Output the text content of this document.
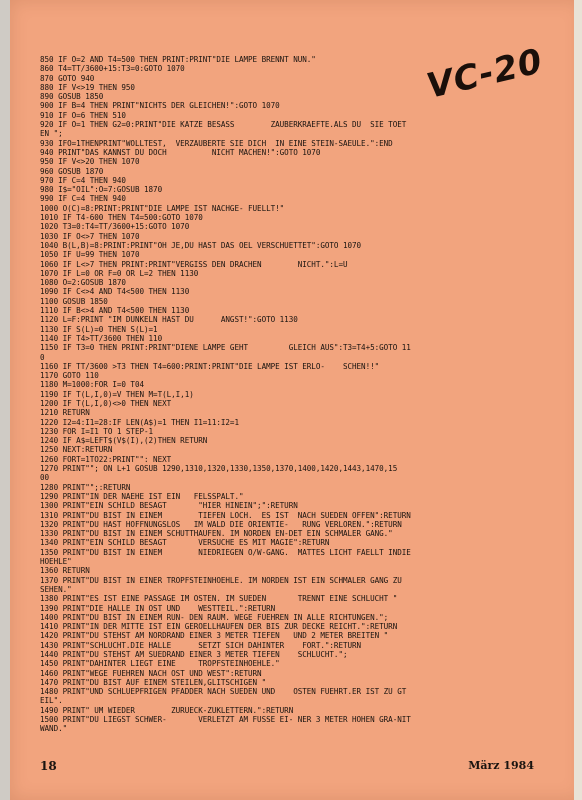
VC-20
850 IF O=2 AND T4=500 THEN PRINT:PRINT"DIE LAMPE BRENNT NUN."
860 T4=TT/3600+15:T3=0:GOTO 1070
870 GOTO 940
880 IF V<>19 THEN 950
890 GOSUB 1850
900 IF B=4 THEN PRINT"NICHTS DER GLEICHEN!":GOTO 1070
910 IF O=6 THEN 510
920 IF O=1 THEN G2=0:PRINT"DIE KATZE BESASS        ZAUBERKRAEFTE.ALS DU  SIE TOET
EN ";
930 IFO=1THENPRINT"WOLLTEST,  VERZAUBERTE SIE DICH  IN EINE STEIN-SAEULE.":END
940 PRINT"DAS KANNST DU DOCH          NICHT MACHEN!":GOTO 1070
950 IF V<>20 THEN 1070
960 GOSUB 1870
970 IF C=4 THEN 940
980 I$="OIL":O=7:GOSUB 1870
990 IF C=4 THEN 940
1000 O(C)=8:PRINT:PRINT"DIE LAMPE IST NACHGE- FUELLT!"
1010 IF T4-600 THEN T4=500:GOTO 1070
1020 T3=0:T4=TT/3600+15:GOTO 1070
1030 IF O<>7 THEN 1070
1040 B(L,B)=8:PRINT:PRINT"OH JE,DU HAST DAS OEL VERSCHUETTET":GOTO 1070
1050 IF U=99 THEN 1070
1060 IF L<>7 THEN PRINT:PRINT"VERGISS DEN DRACHEN        NICHT.":L=U
1070 IF L=0 OR F=0 OR L=2 THEN 1130
1080 O=2:GOSUB 1870
1090 IF C<>4 AND T4<500 THEN 1130
1100 GOSUB 1850
1110 IF B<>4 AND T4<500 THEN 1130
1120 L=F:PRINT "IM DUNKELN HAST DU      ANGST!":GOTO 1130
1130 IF S(L)=0 THEN S(L)=1
1140 IF T4>TT/3600 THEN 110
1150 IF T3=0 THEN PRINT:PRINT"DIENE LAMPE GEHT         GLEICH AUS":T3=T4+5:GOTO 11
0
1160 IF TT/3600 >T3 THEN T4=600:PRINT:PRINT"DIE LAMPE IST ERLO-    SCHEN!!"
1170 GOTO 110
1180 M=1000:FOR I=0 T04
1190 IF T(L,I,0)=V THEN M=T(L,I,1)
1200 IF T(L,I,0)<>0 THEN NEXT
1210 RETURN
1220 I2=4:I1=28:IF LEN(A$)=1 THEN I1=11:I2=1
1230 FOR I=I1 TO 1 STEP-1
1240 IF A$=LEFT$(V$(I),(2)THEN RETURN
1250 NEXT:RETURN
1260 FORT=1TO22:PRINT"": NEXT
1270 PRINT""; ON L+1 GOSUB 1290,1310,1320,1330,1350,1370,1400,1420,1443,1470,15
00
1280 PRINT"";:RETURN
1290 PRINT"IN DER NAEHE IST EIN   FELSSPALT."
1300 PRINT"EIN SCHILD BESAGT       "HIER HINEIN";":RETURN
1310 PRINT"DU BIST IN EINEM        TIEFEN LOCH.  ES IST  NACH SUEDEN OFFEN":RETURN
1320 PRINT"DU HAST HOFFNUNGSLOS   IM WALD DIE ORIENTIE-   RUNG VERLOREN.":RETURN
1330 PRINT"DU BIST IN EINEM SCHUTTHAUFEN. IM NORDEN EN-DET EIN SCHMALER GANG."
1340 PRINT"EIN SCHILD BESAGT       VERSUCHE ES MIT MAGIE":RETURN
1350 PRINT"DU BIST IN EINEM        NIEDRIEGEN O/W-GANG.  MATTES LICHT FAELLT INDIE
HOEHLE"
1360 RETURN
1370 PRINT"DU BIST IN EINER TROPFSTEINHOEHLE. IM NORDEN IST EIN SCHMALER GANG ZU
SEHEN."
1380 PRINT"ES IST EINE PASSAGE IM OSTEN. IM SUEDEN       TRENNT EINE SCHLUCHT "
1390 PRINT"DIE HALLE IN OST UND    WESTTEIL.":RETURN
1400 PRINT"DU BIST IN EINEM RUN- DEN RAUM. WEGE FUEHREN IN ALLE RICHTUNGEN.";
1410 PRINT"IN DER MITTE IST EIN GEROELLHAUFEN DER BIS ZUR DECKE REICHT.":RETURN
1420 PRINT"DU STEHST AM NORDRAND EINER 3 METER TIEFEN   UND 2 METER BREITEN "
1430 PRINT"SCHLUCHT.DIE HALLE      SETZT SICH DAHINTER    FORT.":RETURN
1440 PRINT"DU STEHST AM SUEDRAND EINER 3 METER TIEFEN    SCHLUCHT.";
1450 PRINT"DAHINTER LIEGT EINE     TROPFSTEINHOEHLE."
1460 PRINT"WEGE FUEHREN NACH OST UND WEST":RETURN
1470 PRINT"DU BIST AUF EINEM STEILEN,GLITSCHIGEN "
1480 PRINT"UND SCHLUEPFRIGEN PFADDER NACH SUEDEN UND    OSTEN FUEHRT.ER IST ZU GT
EIL".
1490 PRINT" UM WIEDER        ZURUECK-ZUKLETTERN.":RETURN
1500 PRINT"DU LIEGST SCHWER-       VERLETZT AM FUSSE EI- NER 3 METER HOHEN GRA-NIT
WAND."
18	März 1984
